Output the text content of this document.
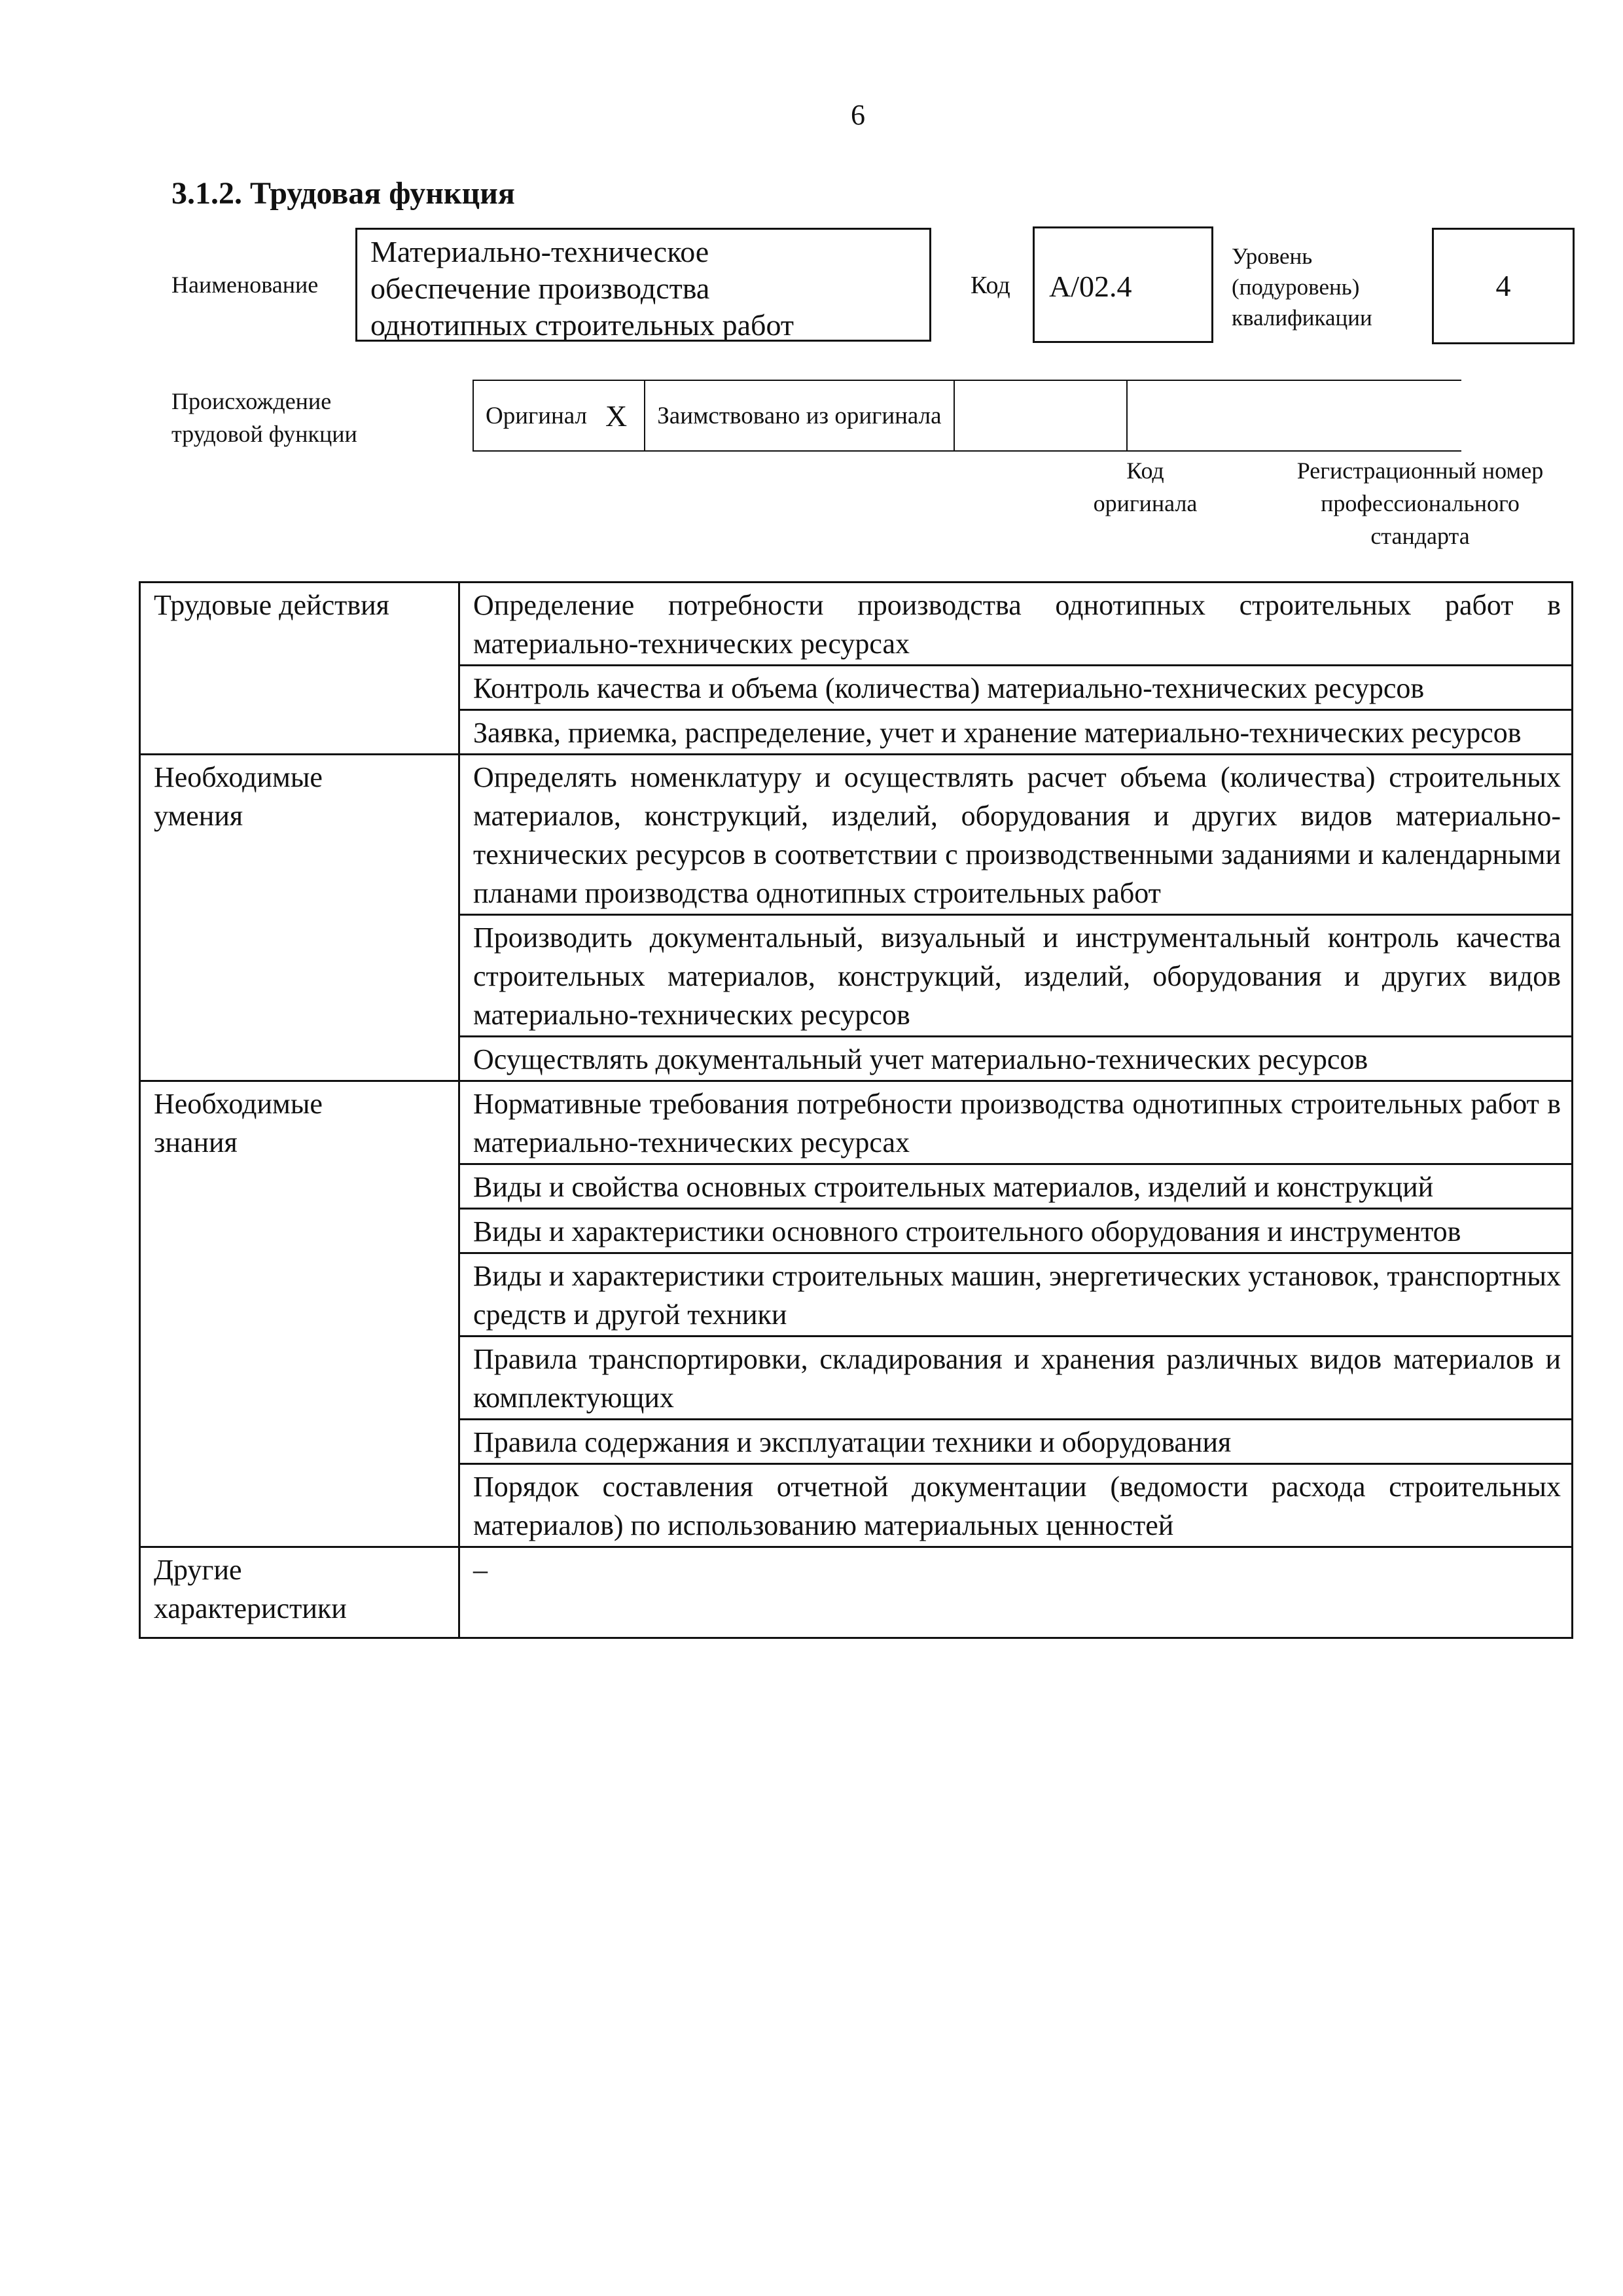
6
3.1.2. Трудовая функция
Наименование
Материально-техническое
обеспечение производства
однотипных строительных работ
Код	А/02.4
Уровень
(подуровень)
квалификации
4
Происхождение
трудовой функции
Оригинал	X	Заимствовано из оригинала		
Код
оригинала
Регистрационный номер
профессионального
стандарта
Трудовые действия	Определение потребности производства однотипных строительных работ в материально-технических ресурсах
	Контроль качества и объема (количества) материально-технических ресурсов
	Заявка, приемка, распределение, учет и хранение материально-технических ресурсов

Необходимые
умения	Определять номенклатуру и осуществлять расчет объема (количества) строительных материалов, конструкций, изделий, оборудования и других видов материально-технических ресурсов в соответствии с производственными заданиями и календарными планами производства однотипных строительных работ
	Производить документальный, визуальный и инструментальный контроль качества строительных материалов, конструкций, изделий, оборудования и других видов материально-технических ресурсов
	Осуществлять документальный учет материально-технических ресурсов

Необходимые
знания	Нормативные требования потребности производства однотипных строительных работ в материально-технических ресурсах
	Виды и свойства основных строительных материалов, изделий и конструкций
	Виды и характеристики основного строительного оборудования и инструментов
	Виды и характеристики строительных машин, энергетических установок, транспортных средств и другой техники
	Правила транспортировки, складирования и хранения различных видов материалов и комплектующих
	Правила содержания и эксплуатации техники и оборудования
	Порядок составления отчетной документации (ведомости расхода строительных материалов) по использованию материальных ценностей

Другие
характеристики	–
